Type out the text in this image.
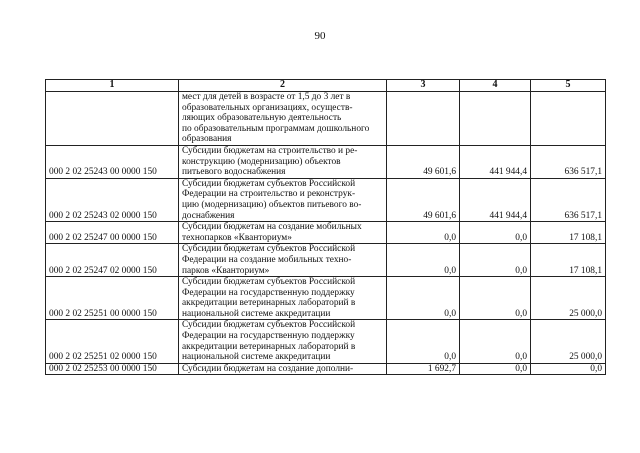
90
1	2	3	4	5
	мест для детей в возрасте от 1,5 до 3 лет в
образовательных организациях, осуществ-
ляющих образовательную деятельность
по образовательным программам дошкольного
образования			
000 2 02 25243 00 0000 150	Субсидии бюджетам на строительство и ре-
конструкцию (модернизацию) объектов
питьевого водоснабжения	49 601,6	441 944,4	636 517,1
000 2 02 25243 02 0000 150	Субсидии бюджетам субъектов Российской
Федерации на строительство и реконструк-
цию (модернизацию) объектов питьевого во-
доснабжения	49 601,6	441 944,4	636 517,1
000 2 02 25247 00 0000 150	Субсидии бюджетам на создание мобильных
технопарков «Кванториум»	0,0	0,0	17 108,1
000 2 02 25247 02 0000 150	Субсидии бюджетам субъектов Российской
Федерации на создание мобильных техно-
парков «Кванториум»	0,0	0,0	17 108,1
000 2 02 25251 00 0000 150	Субсидии бюджетам субъектов Российской
Федерации на государственную поддержку
аккредитации ветеринарных лабораторий в
национальной системе аккредитации	0,0	0,0	25 000,0
000 2 02 25251 02 0000 150	Субсидии бюджетам субъектов Российской
Федерации на государственную поддержку
аккредитации ветеринарных лабораторий в
национальной системе аккредитации	0,0	0,0	25 000,0
000 2 02 25253 00 0000 150	Субсидии бюджетам на создание дополни-	1 692,7	0,0	0,0
